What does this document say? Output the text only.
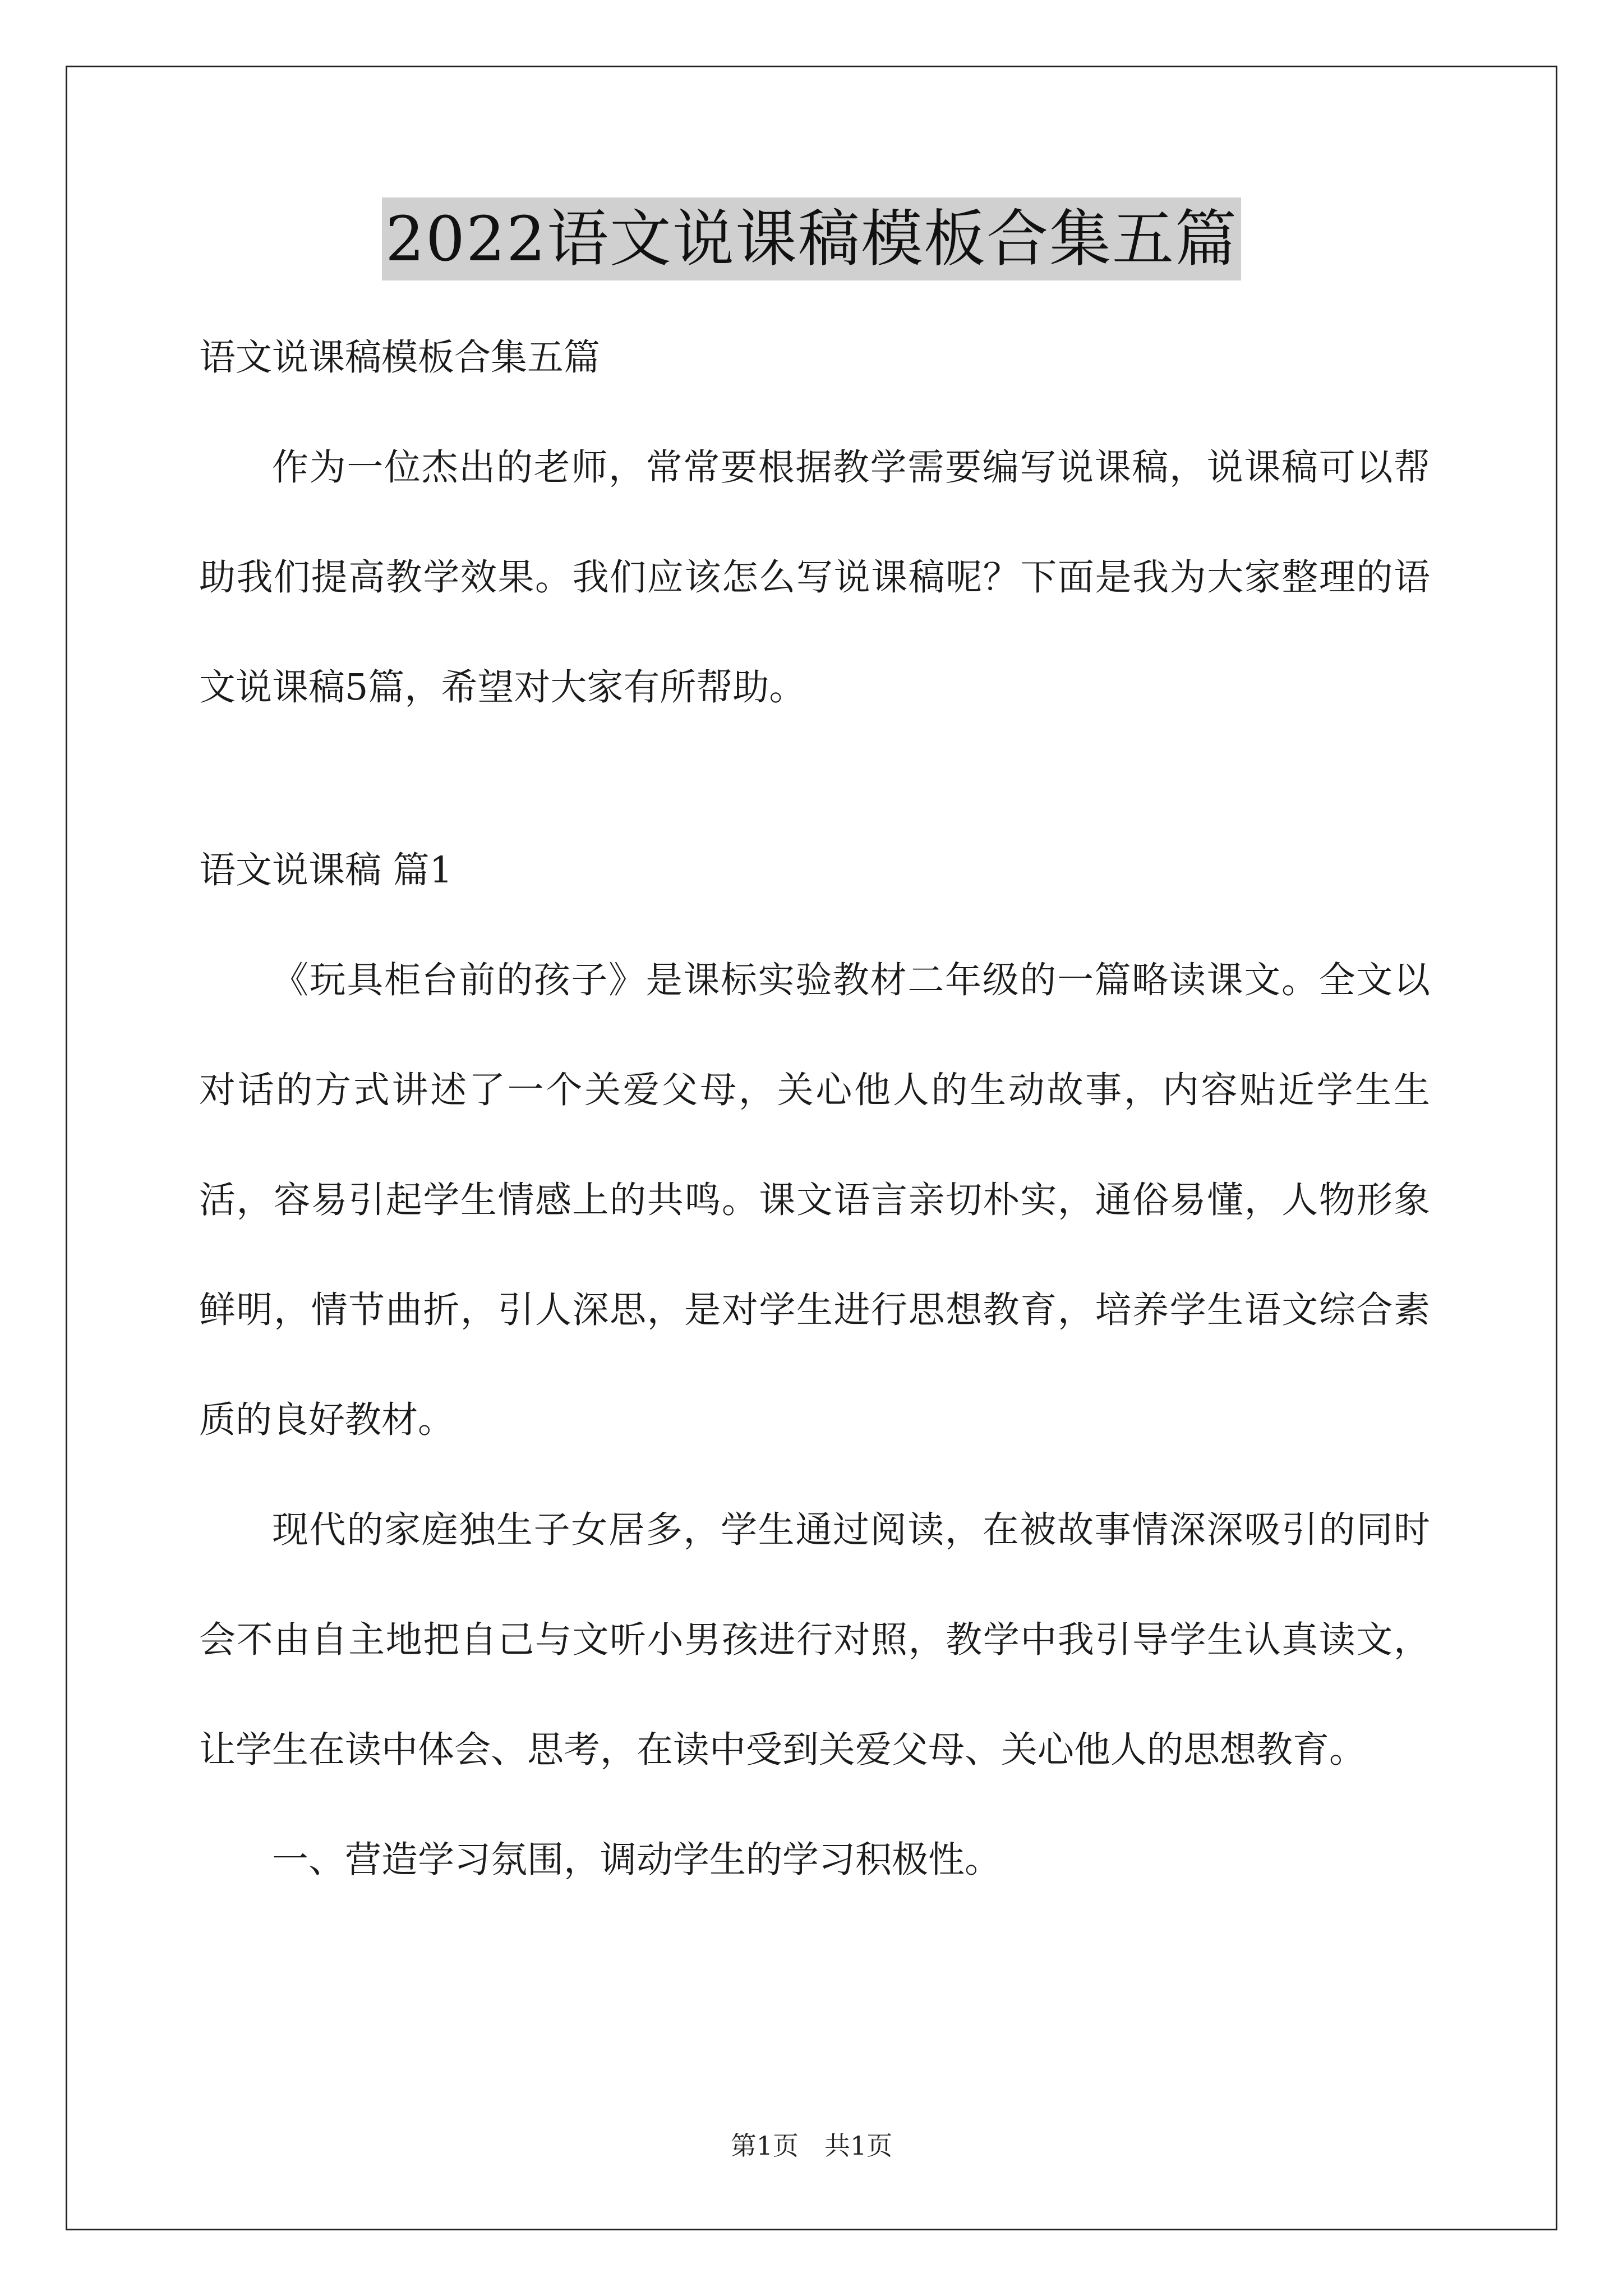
2022语文说课稿模板合集五篇

语文说课稿模板合集五篇

作为一位杰出的老师，常常要根据教学需要编写说课稿，说课稿可以帮助我们提高教学效果。我们应该怎么写说课稿呢？下面是我为大家整理的语文说课稿5篇，希望对大家有所帮助。

语文说课稿 篇1

《玩具柜台前的孩子》是课标实验教材二年级的一篇略读课文。全文以对话的方式讲述了一个关爱父母，关心他人的生动故事，内容贴近学生生活，容易引起学生情感上的共鸣。课文语言亲切朴实，通俗易懂，人物形象鲜明，情节曲折，引人深思，是对学生进行思想教育，培养学生语文综合素质的良好教材。

现代的家庭独生子女居多，学生通过阅读，在被故事情深深吸引的同时会不由自主地把自己与文听小男孩进行对照，教学中我引导学生认真读文，让学生在读中体会、思考，在读中受到关爱父母、关心他人的思想教育。

一、营造学习氛围，调动学生的学习积极性。

第1页　共1页
